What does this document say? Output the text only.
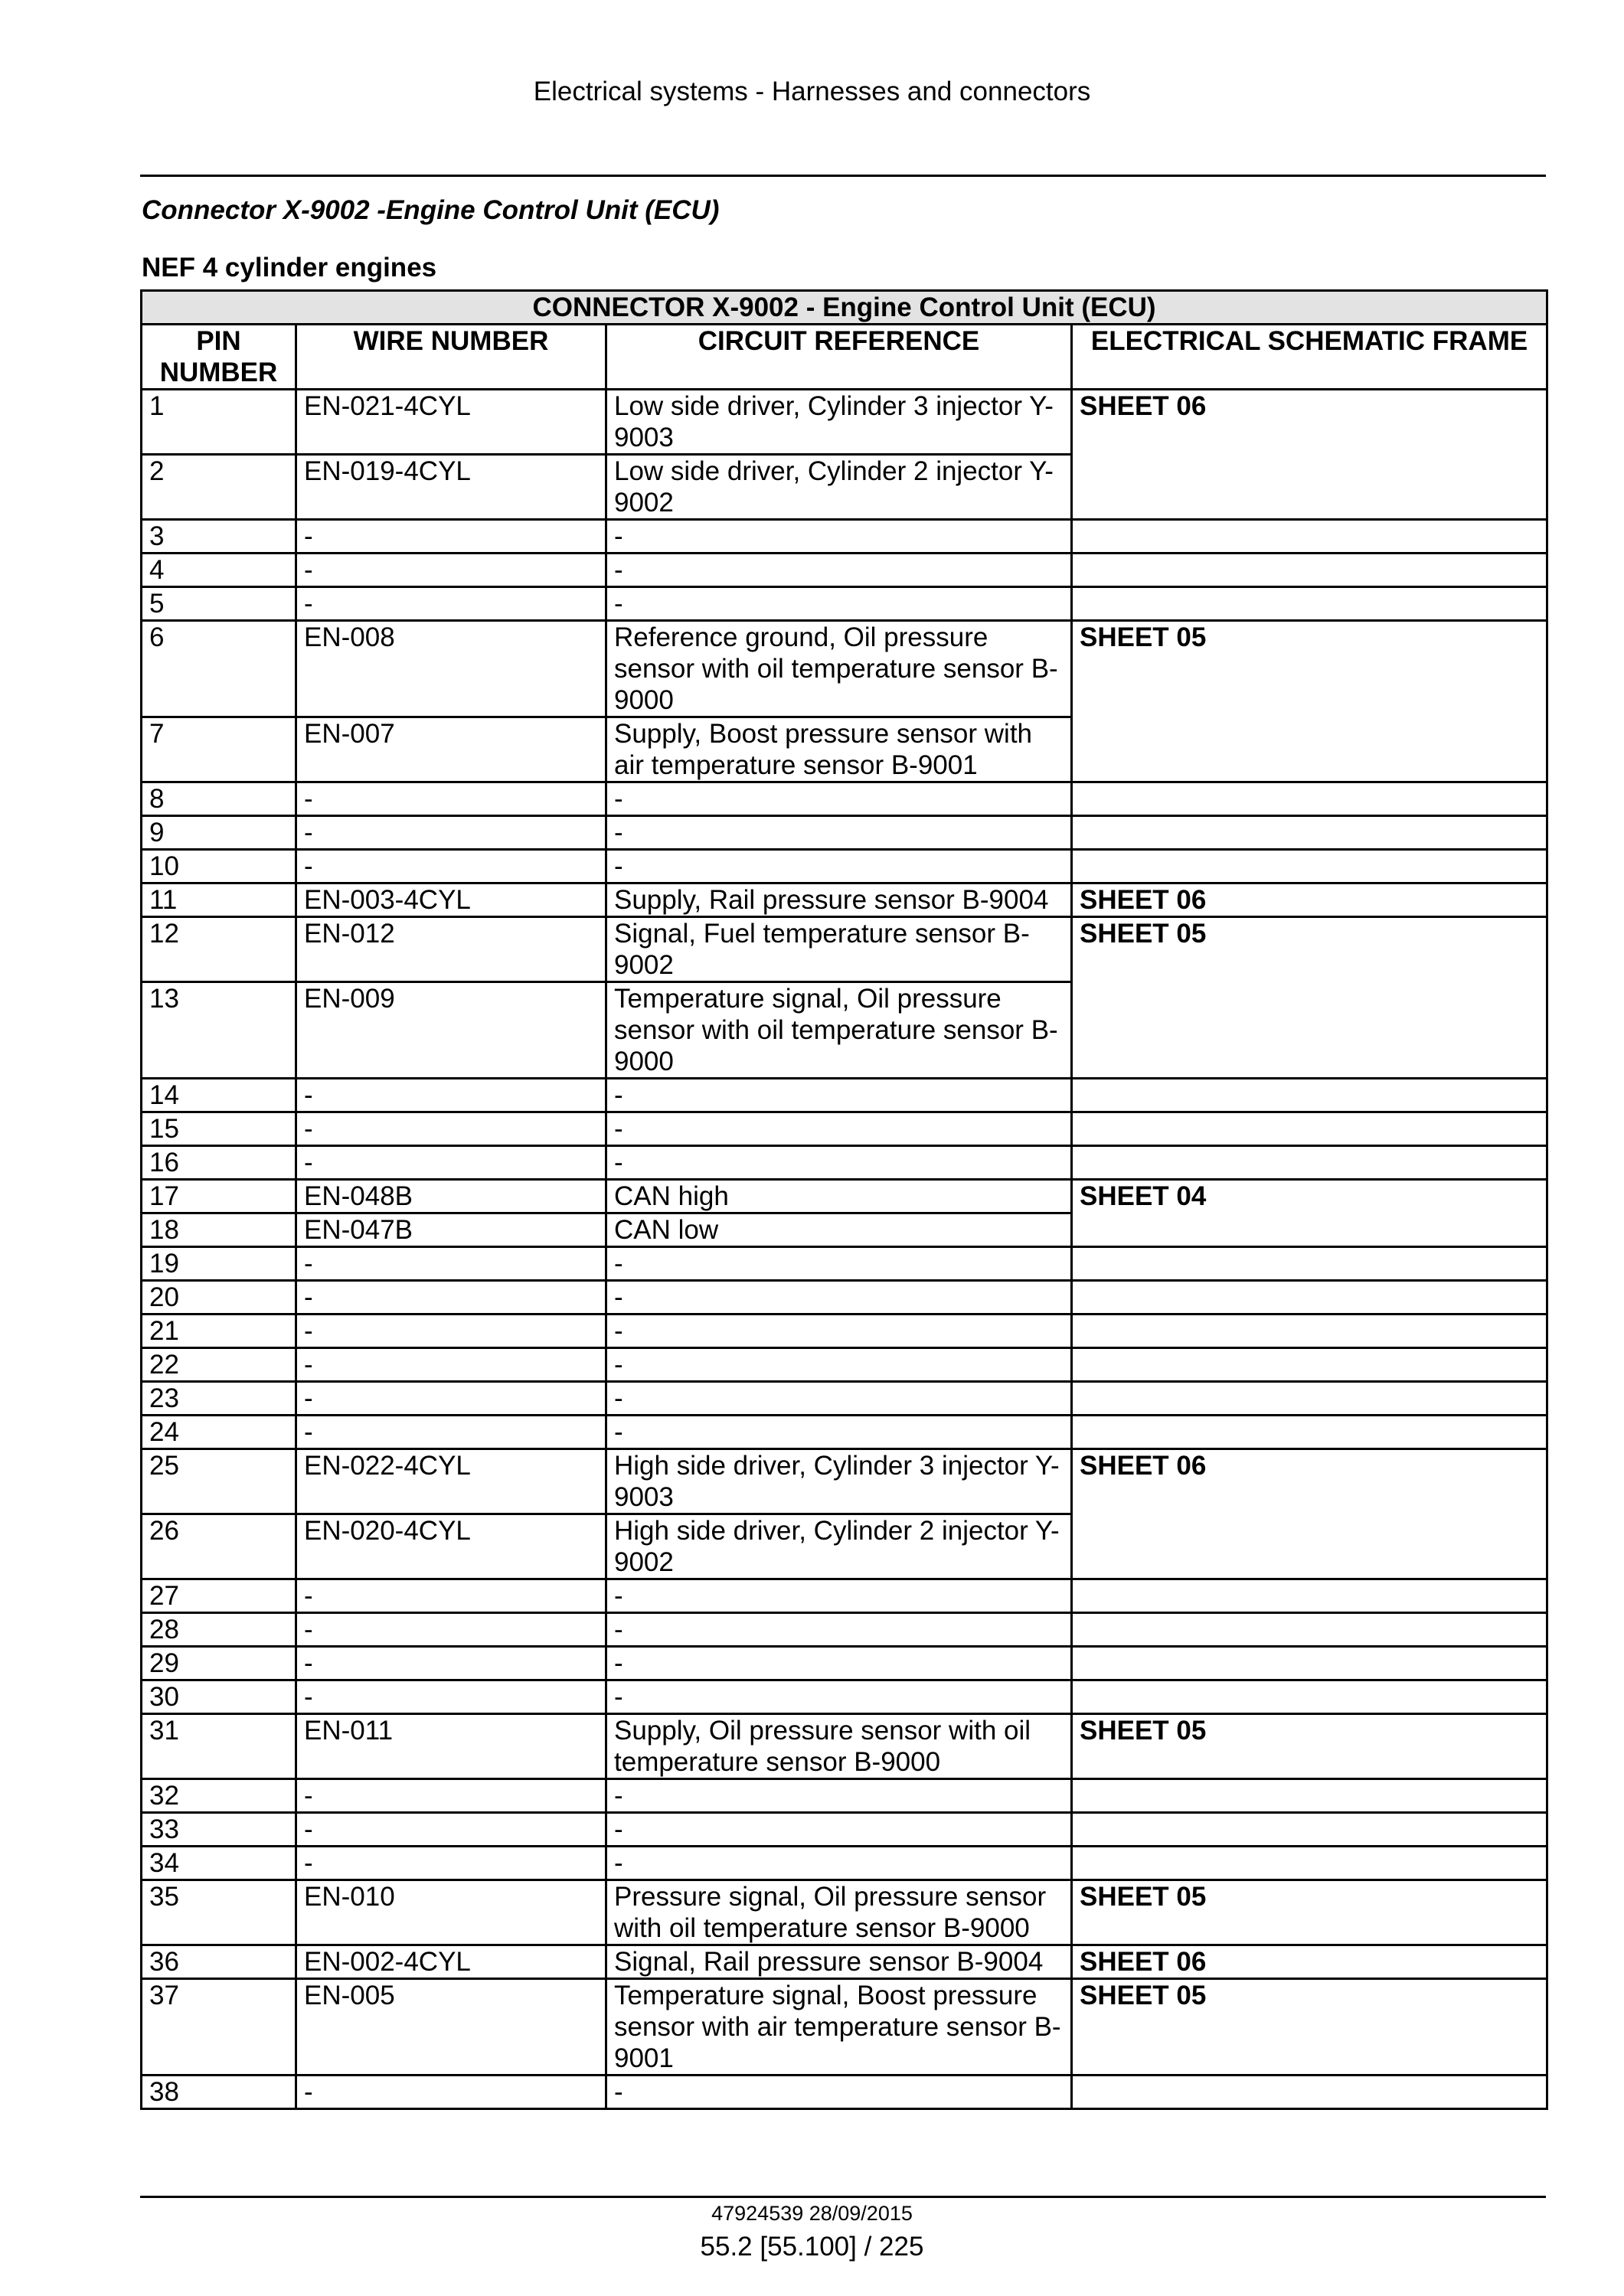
Electrical systems - Harnesses and connectors
Connector X-9002 -Engine Control Unit (ECU)
NEF 4 cylinder engines
CONNECTOR X-9002 - Engine Control Unit (ECU)			
PIN NUMBER	WIRE NUMBER	CIRCUIT REFERENCE	ELECTRICAL SCHEMATIC FRAME
1	EN-021-4CYL	Low side driver, Cylinder 3 injector Y-9003	SHEET 06
2	EN-019-4CYL	Low side driver, Cylinder 2 injector Y-9002	
3	-	-	
4	-	-	
5	-	-	
6	EN-008	Reference ground, Oil pressure sensor with oil temperature sensor B-9000	SHEET 05
7	EN-007	Supply, Boost pressure sensor with air temperature sensor B-9001	
8	-	-	
9	-	-	
10	-	-	
11	EN-003-4CYL	Supply, Rail pressure sensor B-9004	SHEET 06
12	EN-012	Signal, Fuel temperature sensor B-9002	SHEET 05
13	EN-009	Temperature signal, Oil pressure sensor with oil temperature sensor B-9000	
14	-	-	
15	-	-	
16	-	-	
17	EN-048B	CAN high	SHEET 04
18	EN-047B	CAN low	
19	-	-	
20	-	-	
21	-	-	
22	-	-	
23	-	-	
24	-	-	
25	EN-022-4CYL	High side driver, Cylinder 3 injector Y-9003	SHEET 06
26	EN-020-4CYL	High side driver, Cylinder 2 injector Y-9002	
27	-	-	
28	-	-	
29	-	-	
30	-	-	
31	EN-011	Supply, Oil pressure sensor with oil temperature sensor B-9000	SHEET 05
32	-	-	
33	-	-	
34	-	-	
35	EN-010	Pressure signal, Oil pressure sensor with oil temperature sensor B-9000	SHEET 05
36	EN-002-4CYL	Signal, Rail pressure sensor B-9004	SHEET 06
37	EN-005	Temperature signal, Boost pressure sensor with air temperature sensor B-9001	SHEET 05
38	-	-	
47924539 28/09/2015
55.2 [55.100] / 225
